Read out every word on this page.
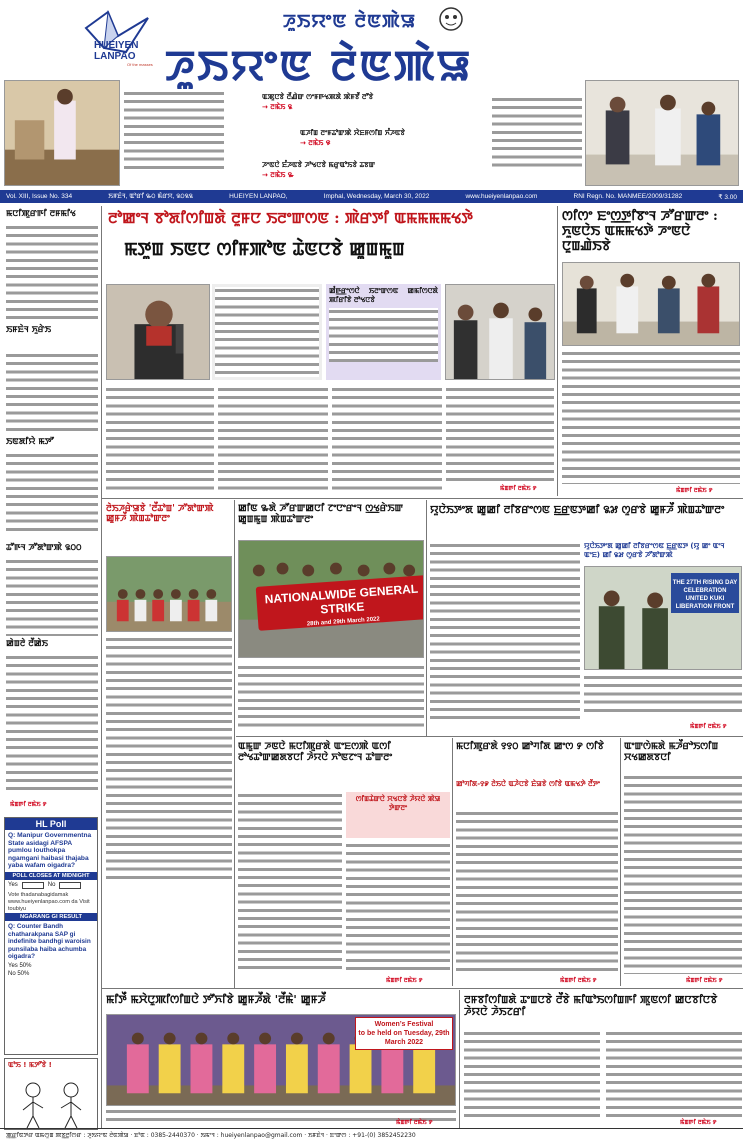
HUEIYEN
LANPAO
Of the masses
ꯍꯨꯏꯌꯦꯟ ꯂꯥꯟꯄꯥꯎ
ꯍꯨꯏꯌꯦꯟ ꯂꯥꯟꯄꯥꯎ
ꯑꯄꯨꯅꯕꯥ ꯂꯩꯉꯥꯛ ꯁꯦꯝꯒꯠꯄꯗꯥ ꯄꯥꯝꯕꯩ ꯂꯧꯕꯥ
→ ꯂꯃꯥꯏ ꯲
ꯑꯍꯤꯡ ꯂꯦꯝꯊꯣꯛꯄꯥ ꯋꯥꯐꯝꯁꯤꯡ ꯈꯪꯍꯟꯕꯥ
→ ꯂꯃꯥꯏ ꯶
ꯍꯦꯟꯅꯥ ꯐꯪꯍꯟꯕꯥ ꯍꯣꯠꯅꯕꯥ ꯃꯔꯨꯑꯣꯏꯕꯥ ꯊꯕꯛ
→ ꯂꯃꯥꯏ ꯳
Vol. XIII, Issue No. 334	ꯏꯝꯐꯥꯜ, ꯑꯣꯔꯤ ꯳꯰ ꯃꯥꯔꯆ, ꯲꯰꯲꯲	HUEIYEN LANPAO,	Imphal, Wednesday, March 30, 2022	www.hueiyenlanpao.com	RNI Regn. No. MANMEE/2009/31282	₹ 3.00
ꯃꯅꯤꯄꯨꯔꯒꯤ ꯂꯝꯃꯤꯠ
ꯏꯝꯐꯥꯜ ꯈꯨꯔꯥꯏ
ꯏꯟꯗꯤꯌꯥ ꯃꯇꯧ
ꯊꯧꯒꯜ ꯍꯧꯗꯣꯛꯄꯥ ꯲꯰꯰
ꯀꯥꯡꯂꯥ ꯂꯩꯀꯥꯏ
ꯃꯥꯡꯒꯤ ꯂꯃꯥꯏ ꯸
HL Poll
Q: Manipur Governmentna State asidagi AFSPA pumlou louthokpa ngamgani haibasi thajaba yaba wafam oigadra?
POLL CLOSES AT MIDNIGHT
Yes	No
Vote thadanabagidamak www.hueiyenlanpao.com da Visit toubiyu
NGARANG GI RESULT
Q: Counter Bandh chatharakpana SAP gi indefinite bandhgi waroisin punsilaba haiba achumba oigadra?
Yes 50%
No 50%
ꯑꯣꯏ ! ꯃꯇꯧꯕꯥ !
ꯂꯣꯀꯦꯜ ꯕꯣꯗꯤꯁꯤꯡꯗꯥ ꯂꯨꯝꯅ ꯏꯂꯦꯛꯁꯟ : ꯄꯥꯔꯇꯤ ꯑꯃꯃꯃꯃꯠꯇꯥ
ꯃꯇꯨꯡ ꯏꯟꯅ ꯁꯤꯝꯄꯣꯟ ꯊꯥꯟꯅꯕꯥ ꯀꯨꯡꯃꯨꯡ
ꯀꯪꯒ꯭ꯔꯦꯁꯅꯥ ꯏꯂꯦꯛꯁꯟ ꯀꯃꯤꯁꯅꯗꯥ ꯄꯤꯔꯤꯕꯥ ꯂꯣꯠꯅꯕꯥ
ꯃꯥꯡꯒꯤ ꯂꯃꯥꯏ ꯸
ꯁꯤꯁꯦ ꯐꯦꯁ꯭ꯇꯤꯕꯦꯜ ꯍꯧꯔꯛꯂꯦ : ꯈꯨꯟꯅꯥꯏ ꯑꯃꯃꯠꯇꯥ ꯍꯦꯟꯅꯥ ꯅꯨꯡꯉꯥꯏꯕꯥ
ꯃꯥꯡꯒꯤ ꯂꯃꯥꯏ ꯸
ꯂꯥꯏꯍꯔꯥꯎꯕꯥ 'ꯂꯩꯊꯣꯡ' ꯍꯧꯗꯣꯛꯄꯥ ꯀꯨꯝꯍꯩ ꯄꯥꯡꯊꯣꯛꯂꯦ
ꯀꯤꯟ ꯳ꯗꯥ ꯍꯧꯔꯛꯀꯅꯤ ꯖꯦꯅꯦꯔꯦꯜ ꯁ꯭ꯠꯔꯥꯏꯛ ꯀꯨꯡꯃꯨꯡ ꯄꯥꯡꯊꯣꯛꯂꯦ
NATIONALWIDE GENERAL STRIKE
28th and 29th March 2022
ꯌꯨꯅꯥꯏꯇꯦꯗ ꯀꯨꯀꯤ ꯂꯤꯕꯔꯦꯁꯟ ꯐ꯭ꯔꯟꯇꯀꯤ ꯲꯷ ꯁꯨꯔꯕꯥ ꯀꯨꯝꯍꯩ ꯄꯥꯡꯊꯣꯛꯂꯦ
ꯌꯨꯅꯥꯏꯇꯦꯗ ꯀꯨꯀꯤ ꯂꯤꯕꯔꯦꯁꯟ ꯐ꯭ꯔꯟꯇ (ꯌꯨ ꯀꯦ ꯑꯦꯜ ꯑꯦꯐ) ꯀꯤ ꯲꯷ ꯁꯨꯔꯕꯥ ꯍꯧꯗꯣꯛꯄꯥ
THE 27TH RISING DAY CELEBRATION
UNITED KUKI LIBERATION FRONT
ꯃꯥꯡꯒꯤ ꯂꯃꯥꯏ ꯸
ꯑꯃꯨꯛ ꯍꯟꯅꯥ ꯃꯅꯤꯄꯨꯔꯗꯥ ꯑꯦꯐꯁꯄꯥ ꯑꯁꯤ ꯂꯣꯠꯊꯣꯛꯀꯗꯕꯅꯤ ꯍꯥꯌꯅꯥ ꯈꯣꯟꯖꯦꯜ ꯊꯣꯛꯂꯦ
ꯁꯤꯡꯊꯥꯛꯅꯥ ꯆꯠꯅꯕꯥ ꯍꯥꯌꯅꯥ ꯄꯥꯎ ꯇꯥꯛꯂꯦ
ꯃꯥꯡꯒꯤ ꯂꯃꯥꯏ ꯸
ꯃꯅꯤꯄꯨꯔꯗꯥ ꯱꯱꯰ ꯀꯣꯚꯤꯗ ꯀꯦꯁ ꯸ ꯁꯤꯕꯥ
ꯀꯣꯚꯤꯗ-꯱꯹ ꯂꯥꯏꯅꯥ ꯑꯍꯥꯅꯕꯥ ꯐꯥꯎꯕꯥ ꯁꯤꯕꯥ ꯑꯃꯠꯇꯥ ꯂꯩꯇꯦ
ꯃꯥꯡꯒꯤ ꯂꯃꯥꯏ ꯸
ꯑꯦꯛꯁꯥꯃꯗꯥ ꯃꯍꯩꯔꯣꯏꯁꯤꯡ ꯆꯠꯀꯗꯕꯅꯤ
ꯃꯥꯡꯒꯤ ꯂꯃꯥꯏ ꯸
ꯃꯤꯇꯩ ꯃꯆꯥꯅꯨꯄꯤꯁꯤꯡꯅꯥ ꯇꯧꯈꯤꯕꯥ ꯀꯨꯝꯍꯩꯗꯥ 'ꯂꯩꯃꯥ' ꯀꯨꯝꯍꯩ
Women’s Festival
to be held on Tuesday, 29th March 2022
ꯃꯥꯡꯒꯤ ꯂꯃꯥꯏ ꯸
ꯂꯝꯕꯤꯁꯤꯡꯗꯥ ꯊꯦꯡꯅꯕꯥ ꯂꯩꯕꯥ ꯃꯤꯑꯣꯏꯁꯤꯡꯒꯤ ꯄꯨꯟꯁꯤ ꯀꯅꯕꯤꯅꯕꯥ ꯍꯥꯌꯅꯥ ꯍꯥꯏꯖꯔꯤ
ꯃꯥꯡꯒꯤ ꯂꯃꯥꯏ ꯸
ꯄ꯭ꯔꯤꯟꯇꯔ ꯑꯃꯁꯨꯡ ꯄꯕ꯭ꯂꯤꯁꯔ : ꯍꯨꯏꯌꯦꯟ ꯂꯥꯟꯄꯥꯎ · ꯐꯣꯟ : 0385-2440370 · ꯏꯃꯦꯜ : hueiyenlanpao@gmail.com · ꯏꯝꯐꯥꯜ · ꯐꯦꯛꯁ : +91-(0) 3852452230
